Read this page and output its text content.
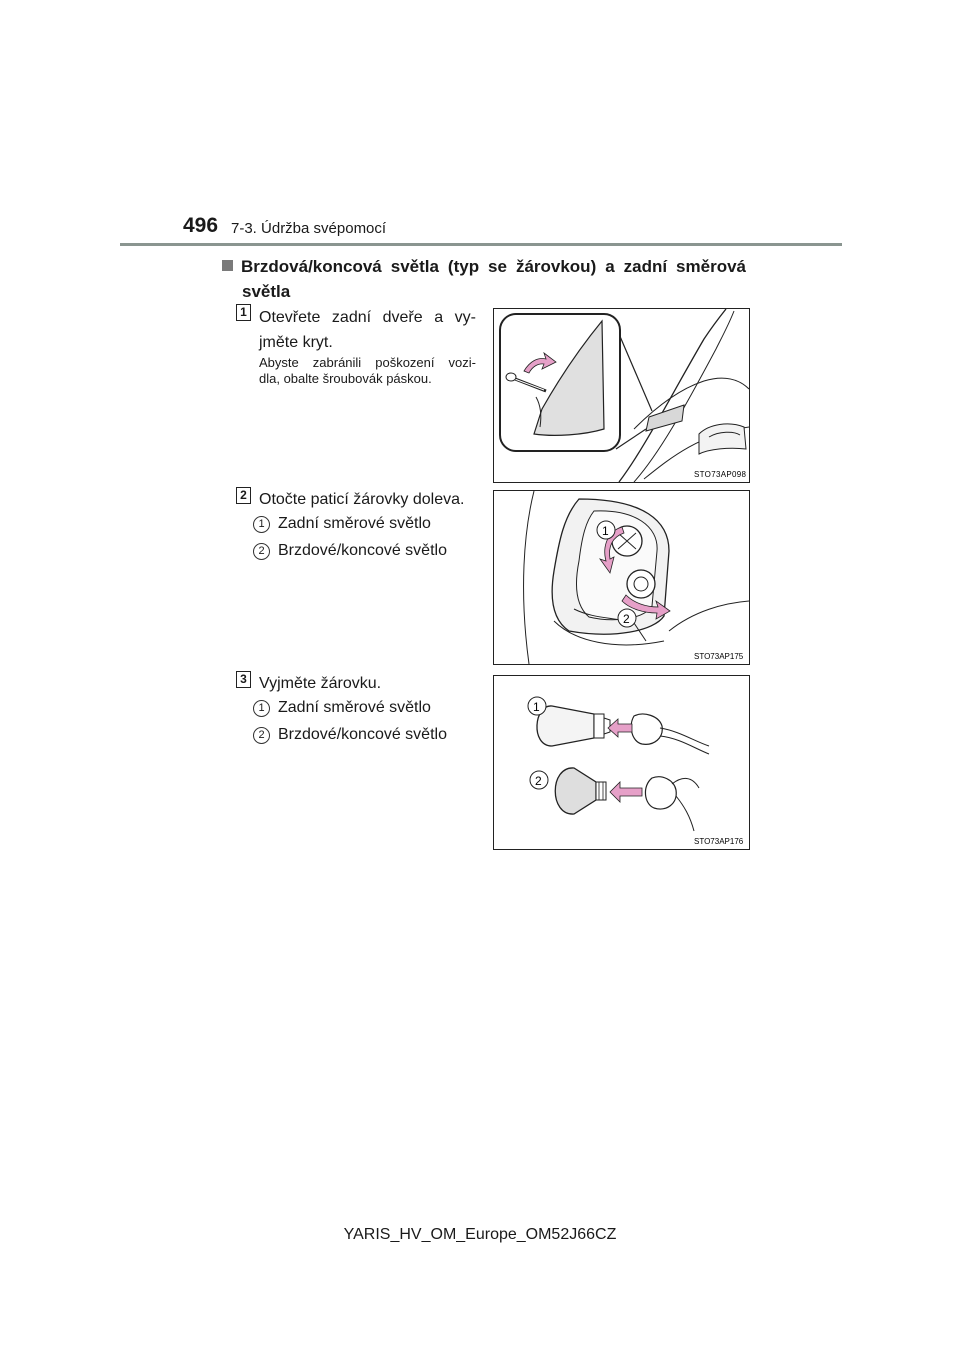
496 7-3. Údržba svépomocí
Brzdová/koncová světla (typ se žárovkou) a zadní směrová
světla
1 Otevřete zadní dveře a vy-
jměte kryt.
Abyste zabránili poškození vozi-
dla, obalte šroubovák páskou.
STO73AP098
2 Otočte paticí žárovky doleva.
1 Zadní směrové světlo
2 Brzdové/koncové světlo
1
2
STO73AP175
3 Vyjměte žárovku.
1 Zadní směrové světlo
2 Brzdové/koncové světlo
1
2
STO73AP176
YARIS_HV_OM_Europe_OM52J66CZ
